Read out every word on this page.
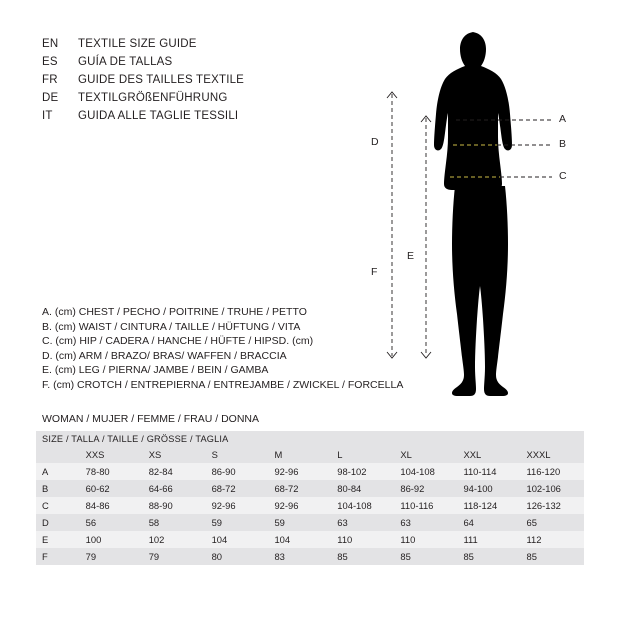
EN	TEXTILE SIZE GUIDE
ES	GUÍA DE TALLAS
FR	GUIDE DES TAILLES TEXTILE
DE	TEXTILGRÖßENFÜHRUNG
IT	GUIDA ALLE TAGLIE TESSILI
A. (cm) CHEST / PECHO / POITRINE / TRUHE / PETTO
B. (cm) WAIST / CINTURA / TAILLE / HÜFTUNG / VITA
C. (cm) HIP / CADERA / HANCHE / HÜFTE / HIPSD. (cm)
D. (cm) ARM / BRAZO/ BRAS/ WAFFEN / BRACCIA
E. (cm) LEG / PIERNA/ JAMBE / BEIN / GAMBA
F. (cm) CROTCH / ENTREPIERNA / ENTREJAMBE / ZWICKEL / FORCELLA
WOMAN / MUJER / FEMME / FRAU / DONNA
SIZE / TALLA / TAILLE / GRÖSSE / TAGLIA								
	XXS	XS	S	M	L	XL	XXL	XXXL
A	78-80	82-84	86-90	92-96	98-102	104-108	110-114	116-120
B	60-62	64-66	68-72	68-72	80-84	86-92	94-100	102-106
C	84-86	88-90	92-96	92-96	104-108	110-116	118-124	126-132
D	56	58	59	59	63	63	64	65
E	100	102	104	104	110	110	111	112
F	79	79	80	83	85	85	85	85
A
B
C
D
E
F
